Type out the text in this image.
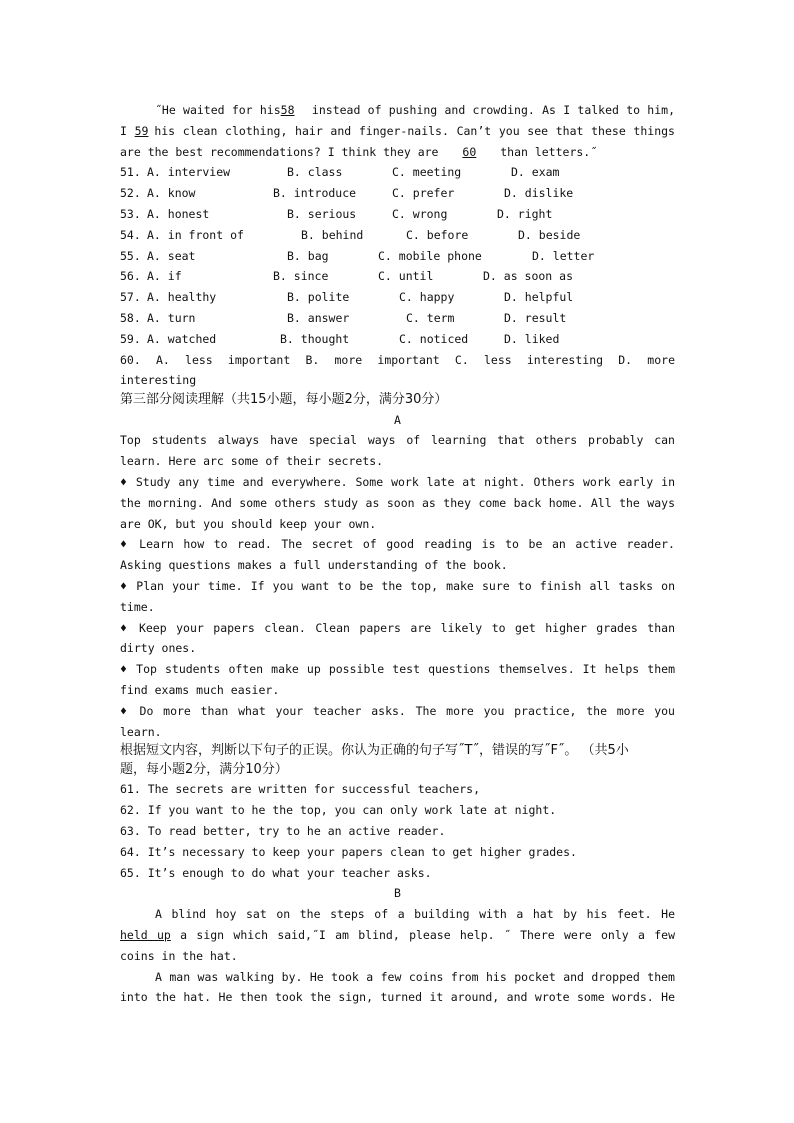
˝He waited for his58 instead of pushing and crowding. As I talked to him,
I 59 his clean clothing, hair and finger-nails. Can’t you see that these things
are the best recommendations? I think they are 60 than letters.˝
51. A. interview	B. class	C. meeting	D. exam
52. A. know	B. introduce	C. prefer	D. dislike
53. A. honest	B. serious	C. wrong	D. right
54. A. in front of	B. behind	C. before	D. beside
55. A. seat	B. bag	C. mobile phone	D. letter
56. A. if	B. since	C. until	D. as soon as
57. A. healthy	B. polite	C. happy	D. helpful
58. A. turn	B. answer	C. term	D. result
59. A. watched	B. thought	C. noticed	D. liked
60. A. less important B. more important C. less interesting D. more
interesting
第三部分阅读理解（共15小题，每小题2分，满分30分）
A
Top students always have special ways of learning that others probably can
learn. Here arc some of their secrets.
♦ Study any time and everywhere. Some work late at night. Others work early in
the morning. And some others study as soon as they come back home. All the ways
are OK, but you should keep your own.
♦ Learn how to read. The secret of good reading is to be an active reader.
Asking questions makes a full understanding of the book.
♦ Plan your time. If you want to be the top, make sure to finish all tasks on
time.
♦ Keep your papers clean. Clean papers are likely to get higher grades than
dirty ones.
♦ Top students often make up possible test questions themselves. It helps them
find exams much easier.
♦ Do more than what your teacher asks. The more you practice, the more you
learn.
根据短文内容，判断以下句子的正误。你认为正确的句子写˝T˝，错误的写˝F˝。 （共5小
题，每小题2分，满分10分）
61. The secrets are written for successful teachers,
62. If you want to he the top, you can only work late at night.
63. To read better, try to he an active reader.
64. It’s necessary to keep your papers clean to get higher grades.
65. It’s enough to do what your teacher asks.
B
A blind hoy sat on the steps of a building with a hat by his feet. He
held up a sign which said,˝I am blind, please help. ˝ There were only a few
coins in the hat.
A man was walking by. He took a few coins from his pocket and dropped them
into the hat. He then took the sign, turned it around, and wrote some words. He
